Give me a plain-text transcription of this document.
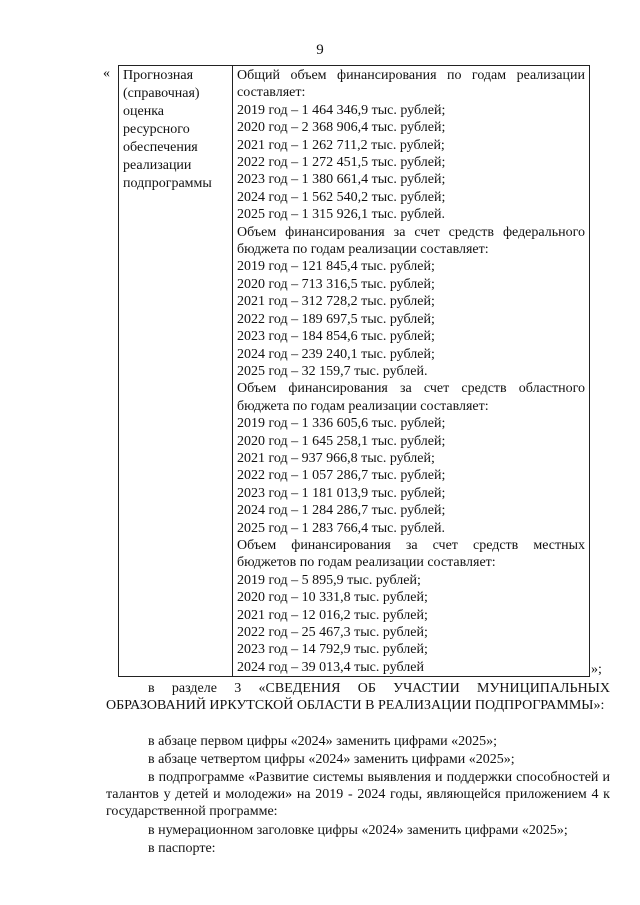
9
« Прогнозная
(справочная)
оценка
ресурсного
обеспечения
реализации
подпрограммы

Общий объем финансирования по годам реализации
составляет:
2019 год – 1 464 346,9 тыс. рублей;
2020 год – 2 368 906,4 тыс. рублей;
2021 год – 1 262 711,2 тыс. рублей;
2022 год – 1 272 451,5 тыс. рублей;
2023 год – 1 380 661,4 тыс. рублей;
2024 год – 1 562 540,2 тыс. рублей;
2025 год – 1 315 926,1 тыс. рублей.
Объем финансирования за счет средств федерального
бюджета по годам реализации составляет:
2019 год – 121 845,4 тыс. рублей;
2020 год – 713 316,5 тыс. рублей;
2021 год – 312 728,2 тыс. рублей;
2022 год – 189 697,5 тыс. рублей;
2023 год – 184 854,6 тыс. рублей;
2024 год – 239 240,1 тыс. рублей;
2025 год – 32 159,7 тыс. рублей.
Объем финансирования за счет средств областного
бюджета по годам реализации составляет:
2019 год – 1 336 605,6 тыс. рублей;
2020 год – 1 645 258,1 тыс. рублей;
2021 год – 937 966,8 тыс. рублей;
2022 год – 1 057 286,7 тыс. рублей;
2023 год – 1 181 013,9 тыс. рублей;
2024 год – 1 284 286,7 тыс. рублей;
2025 год – 1 283 766,4 тыс. рублей.
Объем финансирования за счет средств местных
бюджетов по годам реализации составляет:
2019 год – 5 895,9 тыс. рублей;
2020 год – 10 331,8 тыс. рублей;
2021 год – 12 016,2 тыс. рублей;
2022 год – 25 467,3 тыс. рублей;
2023 год – 14 792,9 тыс. рублей;
2024 год – 39 013,4 тыс. рублей	»;
в разделе 3 «СВЕДЕНИЯ ОБ УЧАСТИИ МУНИЦИПАЛЬНЫХ ОБРАЗОВАНИЙ ИРКУТСКОЙ ОБЛАСТИ В РЕАЛИЗАЦИИ ПОДПРОГРАММЫ»:
в абзаце первом цифры «2024» заменить цифрами «2025»;
в абзаце четвертом цифры «2024» заменить цифрами «2025»;
в подпрограмме «Развитие системы выявления и поддержки способностей и талантов у детей и молодежи» на 2019 - 2024 годы, являющейся приложением 4 к государственной программе:
в нумерационном заголовке цифры «2024» заменить цифрами «2025»;
в паспорте:
